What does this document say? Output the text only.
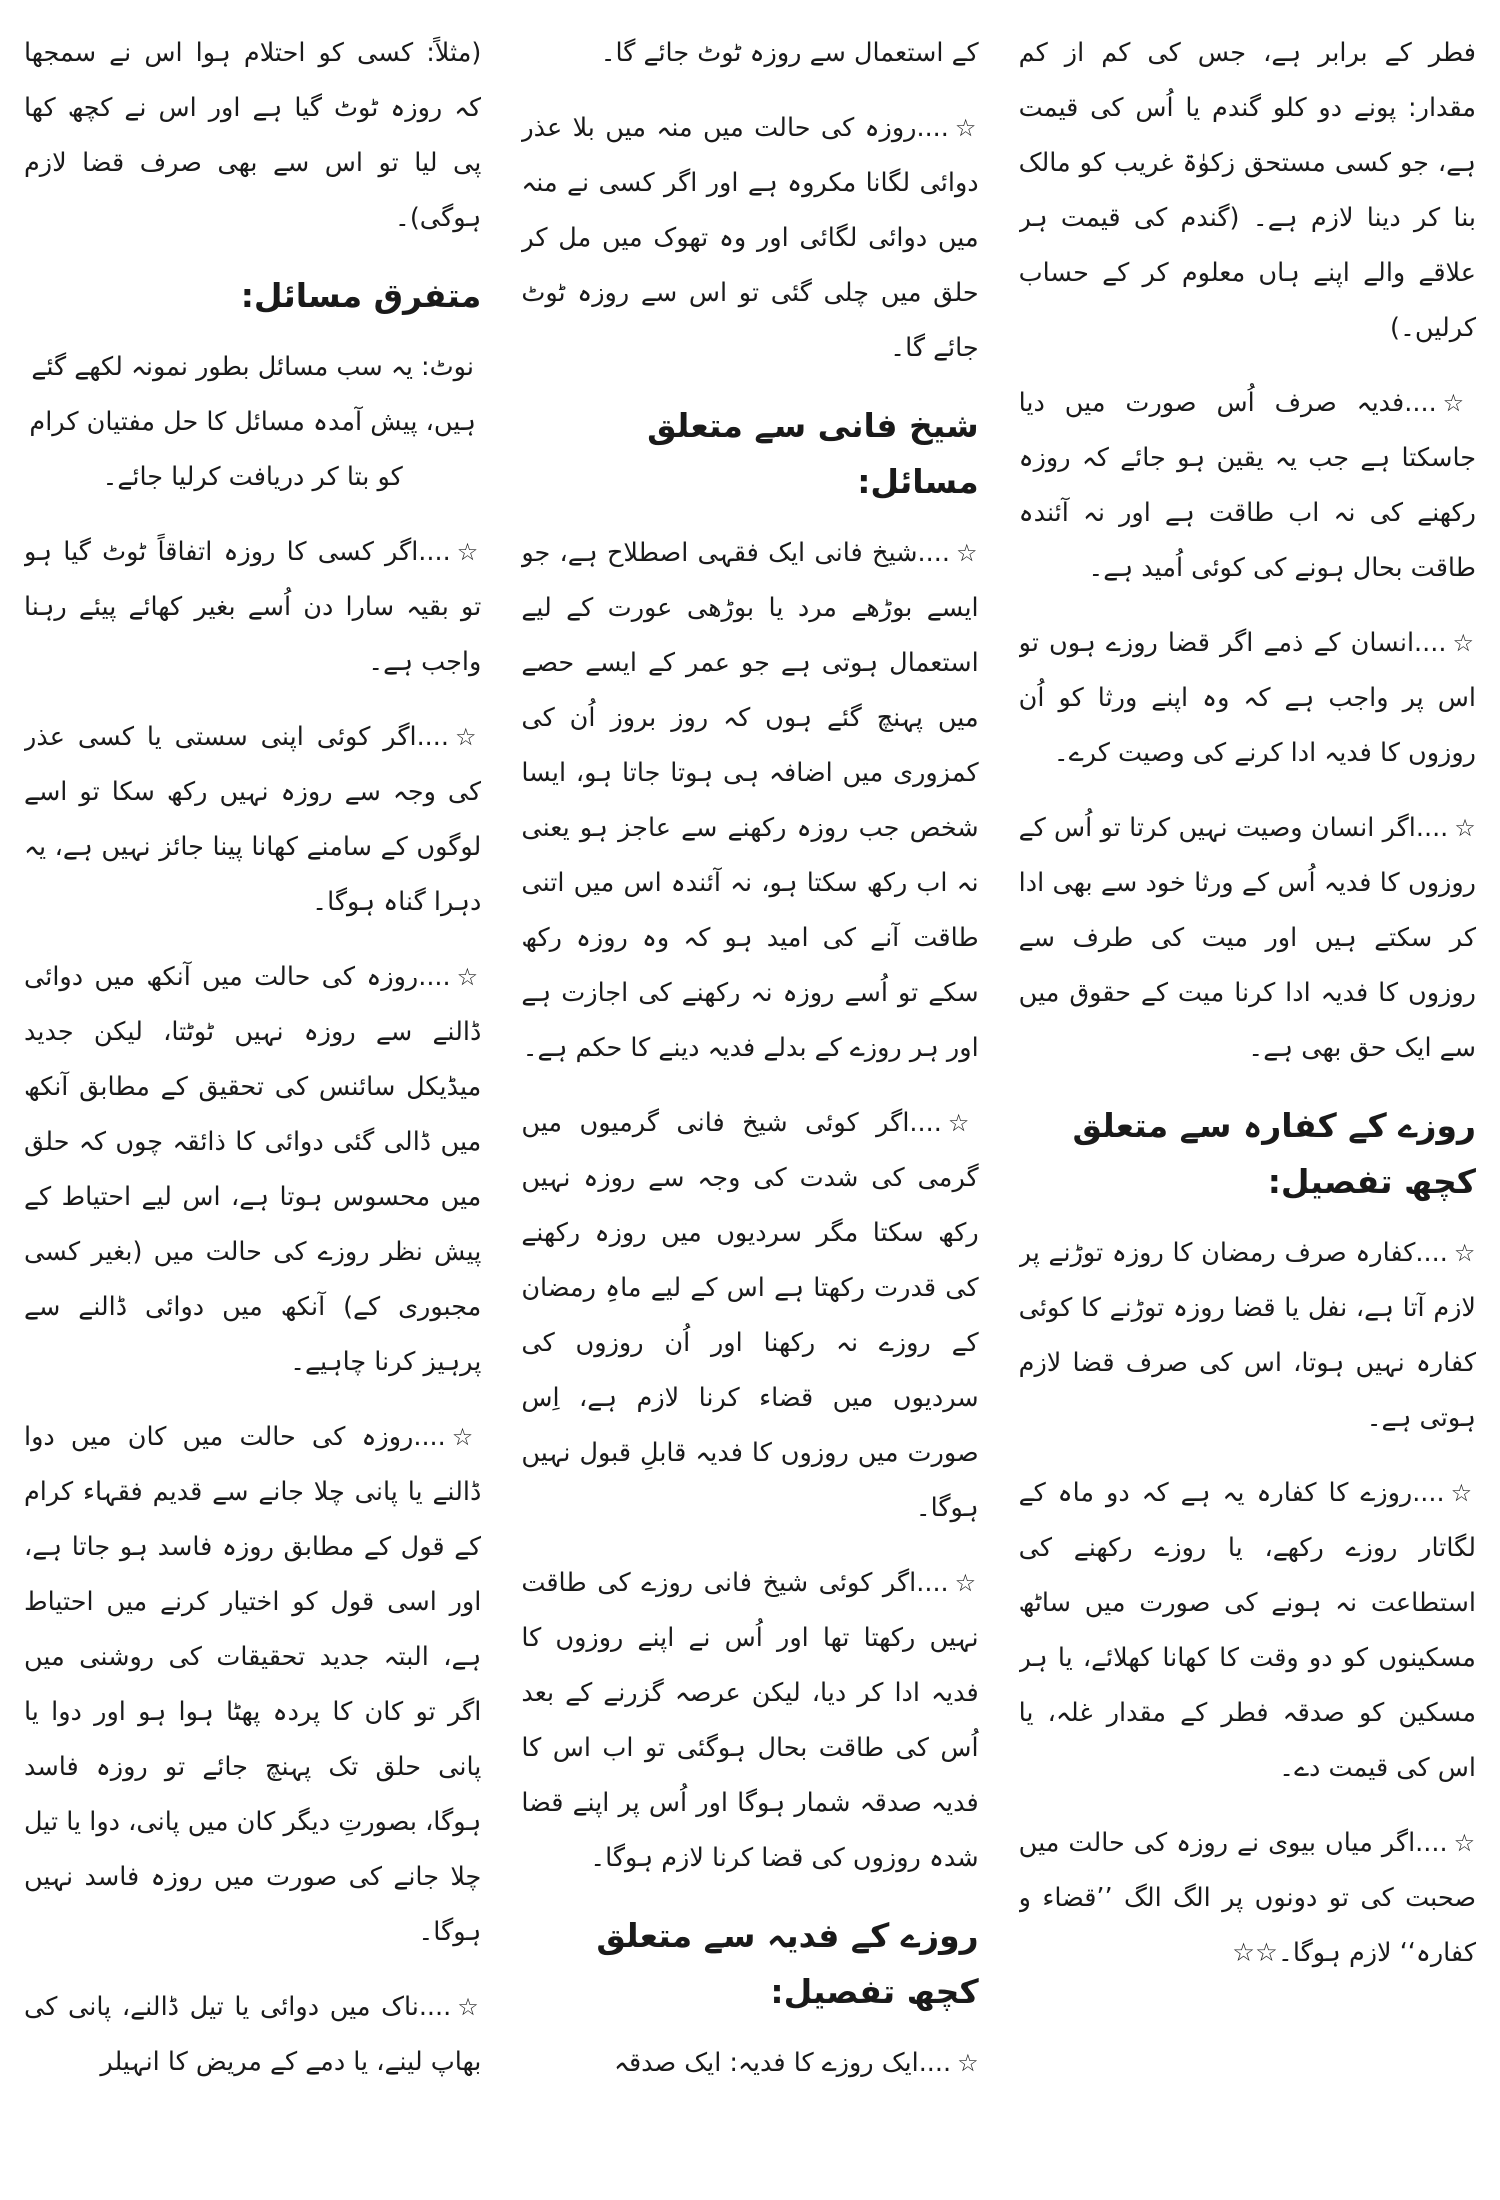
(مثلاً: کسی کو احتلام ہوا اس نے سمجھا کہ روزہ ٹوٹ گیا ہے اور اس نے کچھ کھا پی لیا تو اس سے بھی صرف قضا لازم ہوگی)۔

متفرق مسائل:

نوٹ: یہ سب مسائل بطور نمونہ لکھے گئے ہیں، پیش آمدہ مسائل کا حل مفتیان کرام کو بتا کر دریافت کرلیا جائے۔

☆....اگر کسی کا روزہ اتفاقاً ٹوٹ گیا ہو تو بقیہ سارا دن اُسے بغیر کھائے پیئے رہنا واجب ہے۔

☆....اگر کوئی اپنی سستی یا کسی عذر کی وجہ سے روزہ نہیں رکھ سکا تو اسے لوگوں کے سامنے کھانا پینا جائز نہیں ہے، یہ دہرا گناہ ہوگا۔

☆....روزہ کی حالت میں آنکھ میں دوائی ڈالنے سے روزہ نہیں ٹوٹتا، لیکن جدید میڈیکل سائنس کی تحقیق کے مطابق آنکھ میں ڈالی گئی دوائی کا ذائقہ چوں کہ حلق میں محسوس ہوتا ہے، اس لیے احتیاط کے پیش نظر روزے کی حالت میں (بغیر کسی مجبوری کے) آنکھ میں دوائی ڈالنے سے پرہیز کرنا چاہیے۔

☆....روزہ کی حالت میں کان میں دوا ڈالنے یا پانی چلا جانے سے قدیم فقہاء کرام کے قول کے مطابق روزہ فاسد ہو جاتا ہے، اور اسی قول کو اختیار کرنے میں احتیاط ہے، البتہ جدید تحقیقات کی روشنی میں اگر تو کان کا پردہ پھٹا ہوا ہو اور دوا یا پانی حلق تک پہنچ جائے تو روزہ فاسد ہوگا، بصورتِ دیگر کان میں پانی، دوا یا تیل چلا جانے کی صورت میں روزہ فاسد نہیں ہوگا۔

☆....ناک میں دوائی یا تیل ڈالنے، پانی کی بھاپ لینے، یا دمے کے مریض کا انہیلر

کے استعمال سے روزہ ٹوٹ جائے گا۔

☆....روزہ کی حالت میں منہ میں بلا عذر دوائی لگانا مکروہ ہے اور اگر کسی نے منہ میں دوائی لگائی اور وہ تھوک میں مل کر حلق میں چلی گئی تو اس سے روزہ ٹوٹ جائے گا۔

شیخ فانی سے متعلق مسائل:

☆....شیخ فانی ایک فقہی اصطلاح ہے، جو ایسے بوڑھے مرد یا بوڑھی عورت کے لیے استعمال ہوتی ہے جو عمر کے ایسے حصے میں پہنچ گئے ہوں کہ روز بروز اُن کی کمزوری میں اضافہ ہی ہوتا جاتا ہو، ایسا شخص جب روزہ رکھنے سے عاجز ہو یعنی نہ اب رکھ سکتا ہو، نہ آئندہ اس میں اتنی طاقت آنے کی امید ہو کہ وہ روزہ رکھ سکے تو اُسے روزہ نہ رکھنے کی اجازت ہے اور ہر روزے کے بدلے فدیہ دینے کا حکم ہے۔

☆....اگر کوئی شیخ فانی گرمیوں میں گرمی کی شدت کی وجہ سے روزہ نہیں رکھ سکتا مگر سردیوں میں روزہ رکھنے کی قدرت رکھتا ہے اس کے لیے ماہِ رمضان کے روزے نہ رکھنا اور اُن روزوں کی سردیوں میں قضاء کرنا لازم ہے، اِس صورت میں روزوں کا فدیہ قابلِ قبول نہیں ہوگا۔

☆....اگر کوئی شیخ فانی روزے کی طاقت نہیں رکھتا تھا اور اُس نے اپنے روزوں کا فدیہ ادا کر دیا، لیکن عرصہ گزرنے کے بعد اُس کی طاقت بحال ہوگئی تو اب اس کا فدیہ صدقہ شمار ہوگا اور اُس پر اپنے قضا شدہ روزوں کی قضا کرنا لازم ہوگا۔

روزے کے فدیہ سے متعلق کچھ تفصیل:

☆....ایک روزے کا فدیہ: ایک صدقہ

فطر کے برابر ہے، جس کی کم از کم مقدار: پونے دو کلو گندم یا اُس کی قیمت ہے، جو کسی مستحق زکوٰۃ غریب کو مالک بنا کر دینا لازم ہے۔ (گندم کی قیمت ہر علاقے والے اپنے ہاں معلوم کر کے حساب کرلیں۔)

☆....فدیہ صرف اُس صورت میں دیا جاسکتا ہے جب یہ یقین ہو جائے کہ روزہ رکھنے کی نہ اب طاقت ہے اور نہ آئندہ طاقت بحال ہونے کی کوئی اُمید ہے۔

☆....انسان کے ذمے اگر قضا روزے ہوں تو اس پر واجب ہے کہ وہ اپنے ورثا کو اُن روزوں کا فدیہ ادا کرنے کی وصیت کرے۔

☆....اگر انسان وصیت نہیں کرتا تو اُس کے روزوں کا فدیہ اُس کے ورثا خود سے بھی ادا کر سکتے ہیں اور میت کی طرف سے روزوں کا فدیہ ادا کرنا میت کے حقوق میں سے ایک حق بھی ہے۔

روزے کے کفارہ سے متعلق کچھ تفصیل:

☆....کفارہ صرف رمضان کا روزہ توڑنے پر لازم آتا ہے، نفل یا قضا روزہ توڑنے کا کوئی کفارہ نہیں ہوتا، اس کی صرف قضا لازم ہوتی ہے۔

☆....روزے کا کفارہ یہ ہے کہ دو ماہ کے لگاتار روزے رکھے، یا روزے رکھنے کی استطاعت نہ ہونے کی صورت میں ساٹھ مسکینوں کو دو وقت کا کھانا کھلائے، یا ہر مسکین کو صدقہ فطر کے مقدار غلہ، یا اس کی قیمت دے۔

☆....اگر میاں بیوی نے روزہ کی حالت میں صحبت کی تو دونوں پر الگ الگ ’’قضاء و کفارہ‘‘ لازم ہوگا۔☆☆
